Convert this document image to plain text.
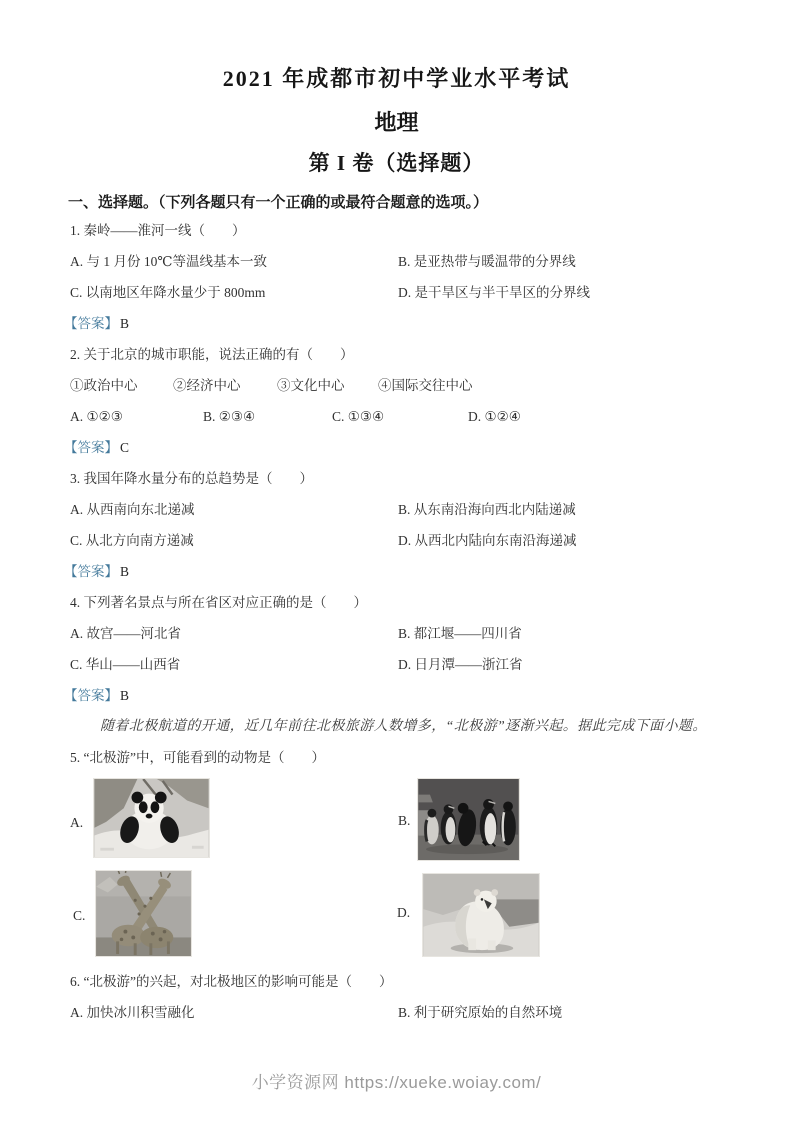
2021 年成都市初中学业水平考试
地理
第 I 卷（选择题）
一、选择题。（下列各题只有一个正确的或最符合题意的选项。）
1. 秦岭——淮河一线（　　）
A. 与 1 月份 10℃等温线基本一致	B. 是亚热带与暖温带的分界线
C. 以南地区年降水量少于 800mm	D. 是干旱区与半干旱区的分界线
【答案】 B
2. 关于北京的城市职能，说法正确的有（　　）
①政治中心	②经济中心	③文化中心 ④国际交往中心
A. ①②③	B. ②③④	C. ①③④	D. ①②④
【答案】 C
3. 我国年降水量分布的总趋势是（　　）
A. 从西南向东北递减	B. 从东南沿海向西北内陆递减
C. 从北方向南方递减	D. 从西北内陆向东南沿海递减
【答案】 B
4. 下列著名景点与所在省区对应正确的是（　　）
A. 故宫——河北省	B. 都江堰——四川省
C. 华山——山西省	D. 日月潭——浙江省
【答案】 B
随着北极航道的开通，近几年前往北极旅游人数增多，“北极游”逐渐兴起。据此完成下面小题。
5. “北极游”中，可能看到的动物是（　　）
A.	B.
C.	D.
6. “北极游”的兴起，对北极地区的影响可能是（　　）
A. 加快冰川积雪融化	B. 利于研究原始的自然环境
小学资源网 https://xueke.woiay.com/
